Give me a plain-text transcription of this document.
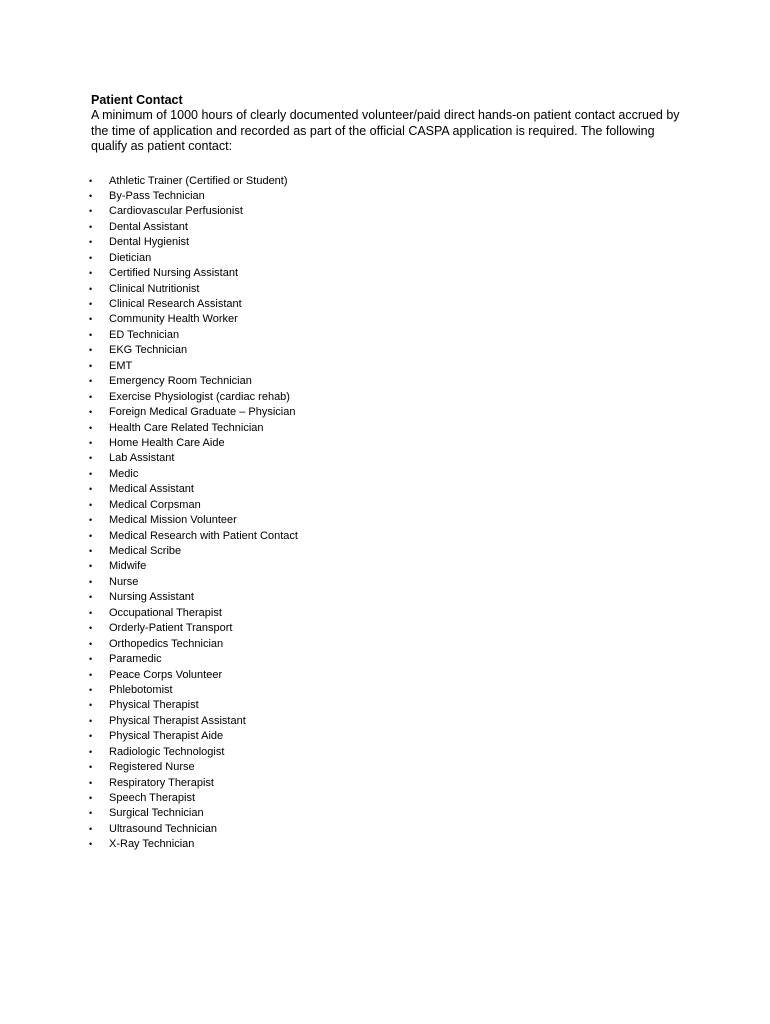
Patient Contact

A minimum of 1000 hours of clearly documented volunteer/paid direct hands-on patient contact accrued by the time of application and recorded as part of the official CASPA application is required. The following qualify as patient contact:

•	Athletic Trainer (Certified or Student)
•	By-Pass Technician
•	Cardiovascular Perfusionist
•	Dental Assistant
•	Dental Hygienist
•	Dietician
•	Certified Nursing Assistant
•	Clinical Nutritionist
•	Clinical Research Assistant
•	Community Health Worker
•	ED Technician
•	EKG Technician
•	EMT
•	Emergency Room Technician
•	Exercise Physiologist (cardiac rehab)
•	Foreign Medical Graduate – Physician
•	Health Care Related Technician
•	Home Health Care Aide
•	Lab Assistant
•	Medic
•	Medical Assistant
•	Medical Corpsman
•	Medical Mission Volunteer
•	Medical Research with Patient Contact
•	Medical Scribe
•	Midwife
•	Nurse
•	Nursing Assistant
•	Occupational Therapist
•	Orderly-Patient Transport
•	Orthopedics Technician
•	Paramedic
•	Peace Corps Volunteer
•	Phlebotomist
•	Physical Therapist
•	Physical Therapist Assistant
•	Physical Therapist Aide
•	Radiologic Technologist
•	Registered Nurse
•	Respiratory Therapist
•	Speech Therapist
•	Surgical Technician
•	Ultrasound Technician
•	X-Ray Technician
